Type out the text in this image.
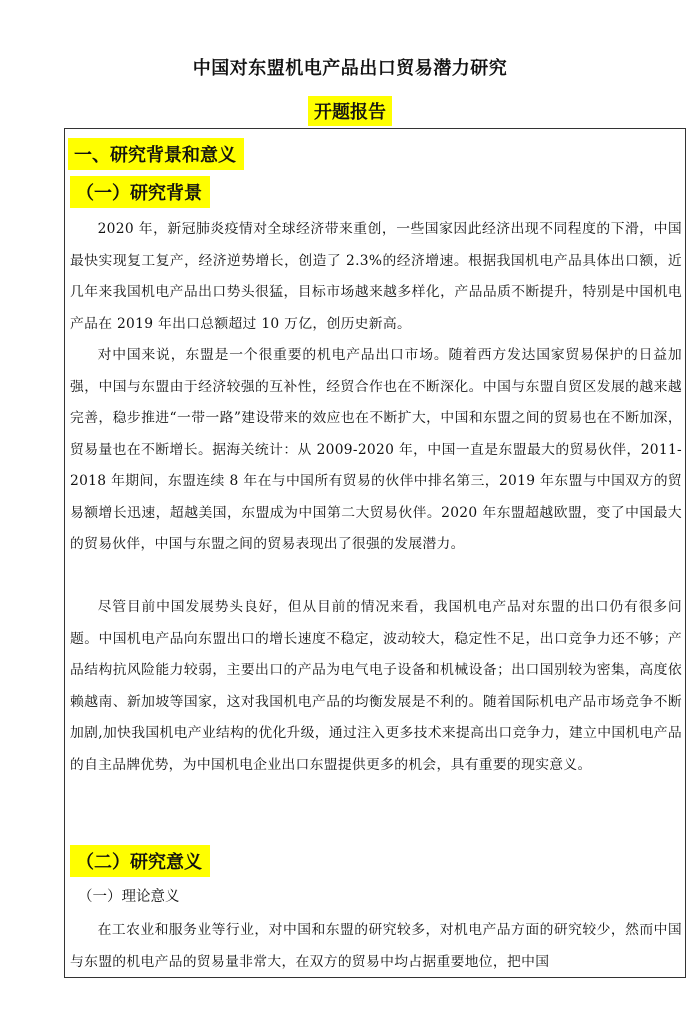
中国对东盟机电产品出口贸易潜力研究
开题报告
一、研究背景和意义
（一）研究背景

2020 年，新冠肺炎疫情对全球经济带来重创，一些国家因此经济出现不同程度的下滑，中国最快实现复工复产，经济逆势增长，创造了 2.3%的经济增速。根据我国机电产品具体出口额，近几年来我国机电产品出口势头很猛，目标市场越来越多样化，产品品质不断提升，特别是中国机电产品在 2019 年出口总额超过 10 万亿，创历史新高。

对中国来说，东盟是一个很重要的机电产品出口市场。随着西方发达国家贸易保护的日益加强，中国与东盟由于经济较强的互补性，经贸合作也在不断深化。中国与东盟自贸区发展的越来越完善，稳步推进“一带一路”建设带来的效应也在不断扩大，中国和东盟之间的贸易也在不断加深，贸易量也在不断增长。据海关统计：从 2009-2020 年，中国一直是东盟最大的贸易伙伴，2011-2018 年期间，东盟连续 8 年在与中国所有贸易的伙伴中排名第三，2019 年东盟与中国双方的贸易额增长迅速，超越美国，东盟成为中国第二大贸易伙伴。2020 年东盟超越欧盟，变了中国最大的贸易伙伴，中国与东盟之间的贸易表现出了很强的发展潜力。

尽管目前中国发展势头良好，但从目前的情况来看，我国机电产品对东盟的出口仍有很多问题。中国机电产品向东盟出口的增长速度不稳定，波动较大，稳定性不足，出口竞争力还不够；产品结构抗风险能力较弱，主要出口的产品为电气电子设备和机械设备；出口国别较为密集，高度依赖越南、新加坡等国家，这对我国机电产品的均衡发展是不利的。随着国际机电产品市场竞争不断加剧,加快我国机电产业结构的优化升级，通过注入更多技术来提高出口竞争力，建立中国机电产品的自主品牌优势，为中国机电企业出口东盟提供更多的机会，具有重要的现实意义。

（二）研究意义
（一）理论意义

在工农业和服务业等行业，对中国和东盟的研究较多，对机电产品方面的研究较少，然而中国与东盟的机电产品的贸易量非常大，在双方的贸易中均占据重要地位，把中国
